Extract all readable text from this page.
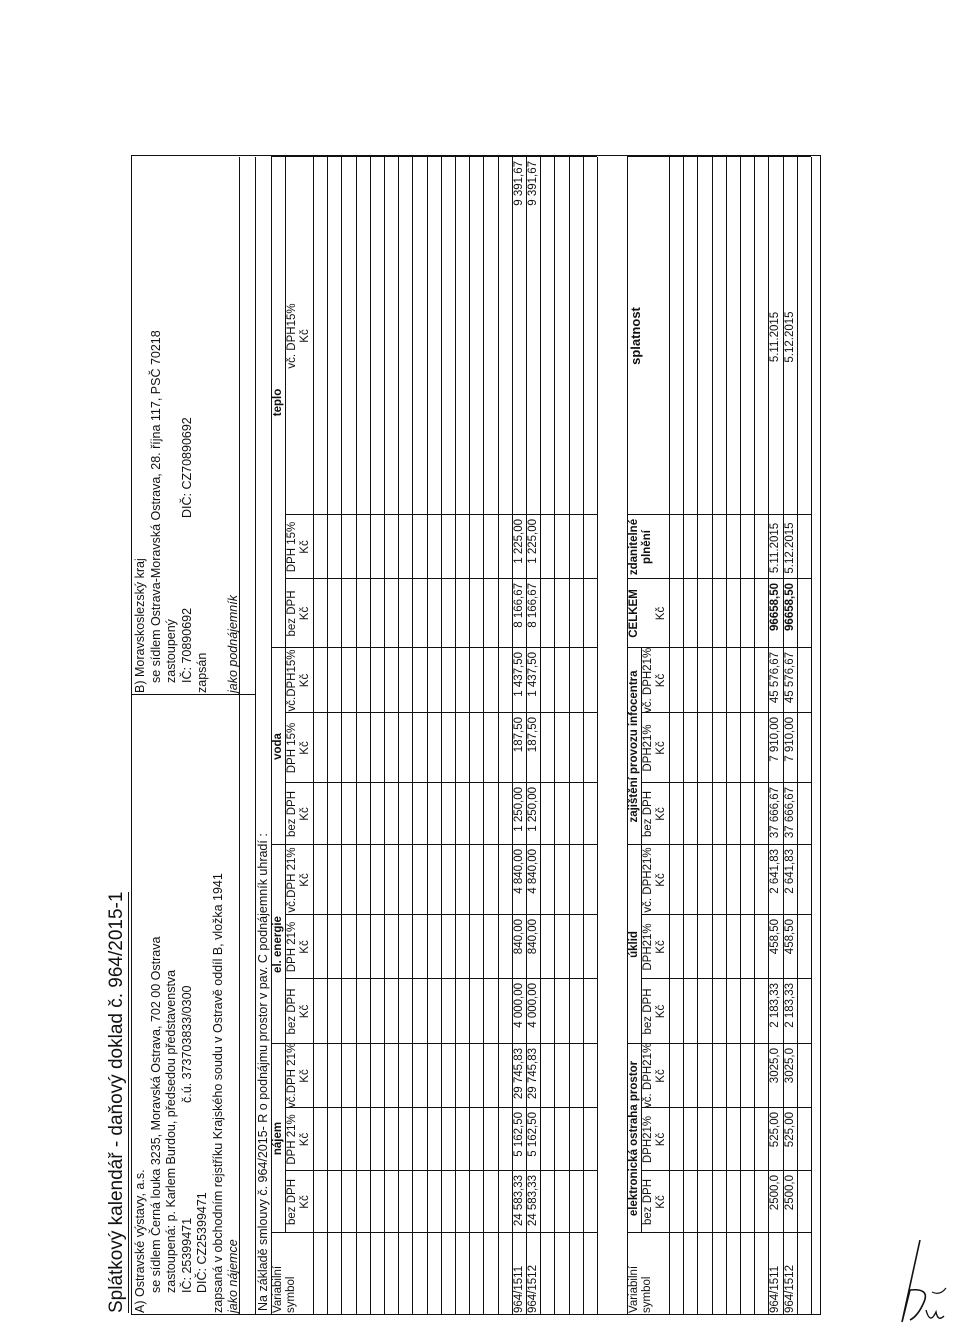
Splátkový kalendář - daňový doklad č. 964/2015-1 A) Ostravské výstavy, a.s. se sídlem Černá louka 3235, Moravská Ostrava, 702 00 Ostrava zastoupená: p. Karlem Burdou, předsedou představenstva IČ: 25399471
č.ú. 373703833/0300
DIČ: CZ25399471 zapsaná v obchodním rejstříku Krajského soudu v Ostravě oddíl B, vložka 1941 jako nájemce
B) Moravskoslezský kraj se sídlem Ostrava-Moravská Ostrava, 28. října 117, PSČ 70218 zastoupený IČ: 70890692
DIČ: CZ70890692
zapsán
jako podnájemník
Na základě smlouvy č. 964/2015- R o podnájmu prostor v pav. C podnájemník uhradí : Variabilní symbol
nájem
el. energie
voda
teplo
bez DPH Kč
DPH 21% Kč
vč.DPH 21% Kč
bez DPH Kč
DPH 21% Kč
vč.DPH 21% Kč
bez DPH Kč
DPH 15% Kč
vč.DPH15% Kč
bez DPH Kč
DPH 15% Kč
vč. DPH15% Kč
964/1511
24 583,33
5 162,50
29 745,83
4 000,00
840,00
4 840,00
1 250,00
187,50
1 437,50
8 166,67
1 225,00
9 391,67
964/1512
24 583,33
5 162,50
29 745,83
4 000,00
840,00
4 840,00
1 250,00
187,50
1 437,50
8 166,67
1 225,00
9 391,67
Variabilní symbol
elektronická ostraha prostor
úklid
zajištění provozu infocentra
CELKEM
zdanitelné plnění
splatnost
bez DPH
DPH21%
vč. DPH21%
bez DPH
DPH21%
vč. DPH21%
bez DPH
DPH21%
vč. DPH21%
Kč
Kč
Kč
Kč
Kč
Kč
Kč
Kč
Kč
Kč
964/1511
2500,0
525,00
3025,0
2 183,33
458,50
2 641,83
37 666,67
7 910,00
45 576,67
96658,50
5.11.2015
5.11.2015
964/1512
2500,0
525,00
3025,0
2 183,33
458,50
2 641,83
37 666,67
7 910,00
45 576,67
96658,50
5.12.2015
5.12.2015
